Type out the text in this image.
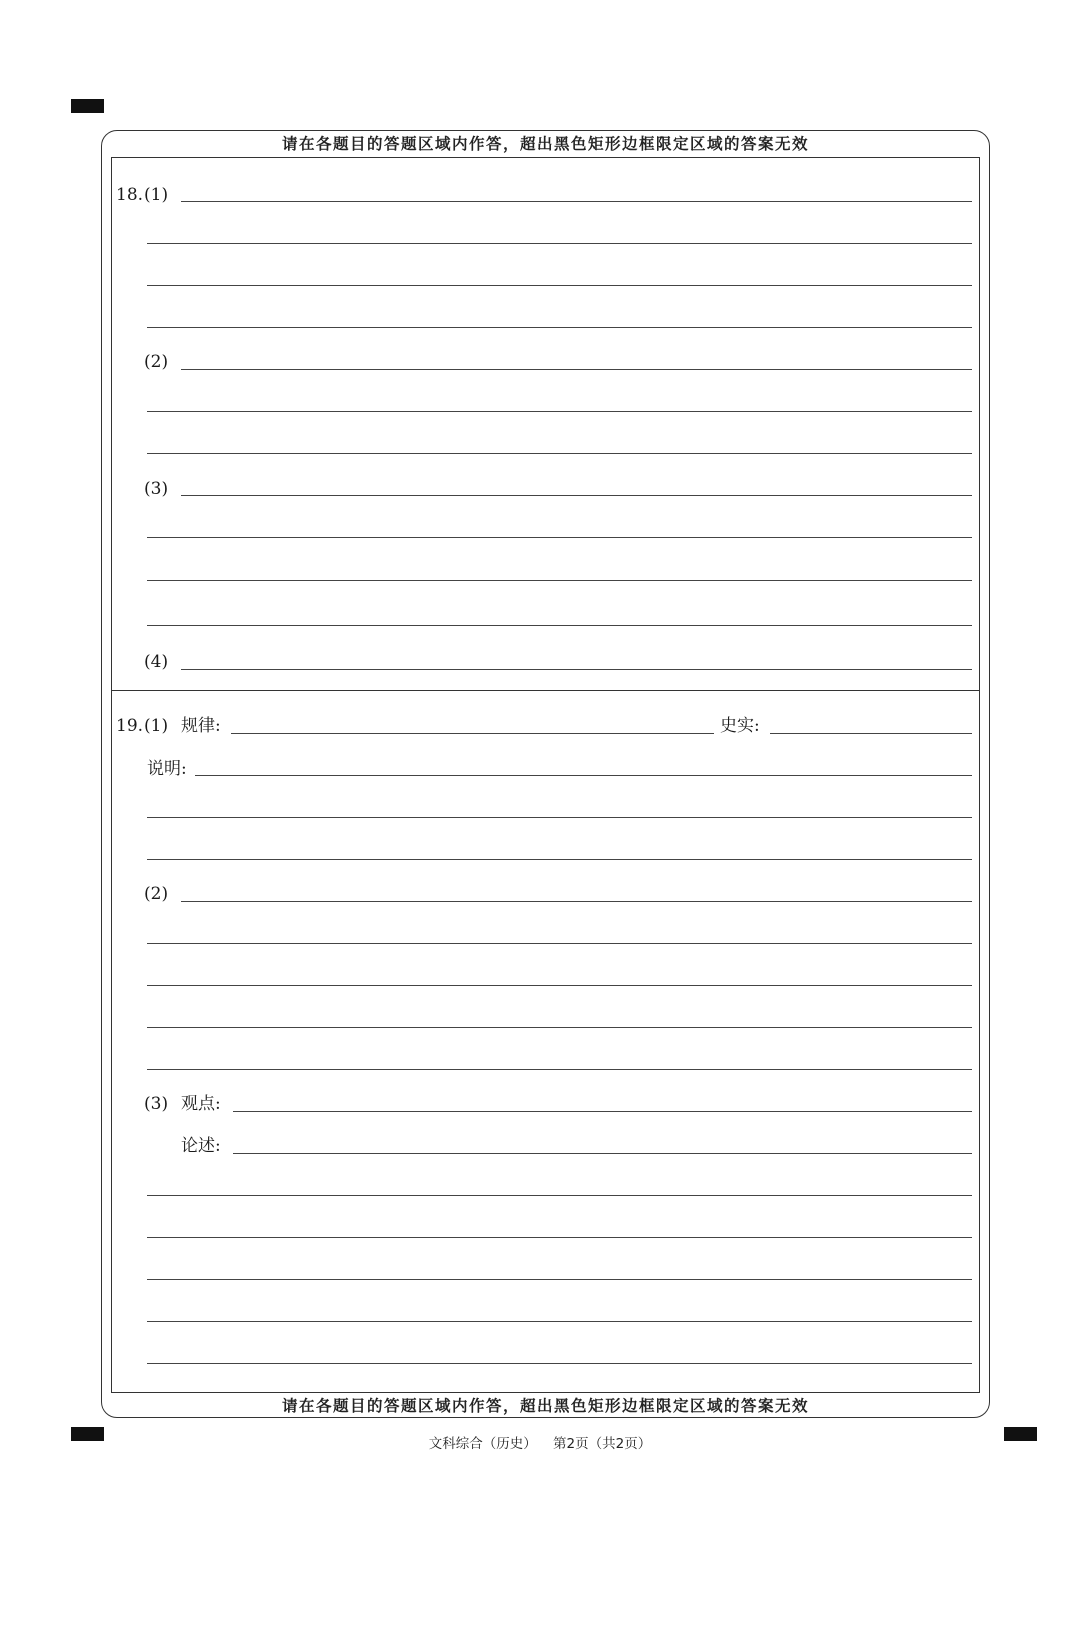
请在各题目的答题区域内作答，超出黑色矩形边框限定区域的答案无效
请在各题目的答题区域内作答，超出黑色矩形边框限定区域的答案无效
18. (1)
(2)
(3)
(4)
19. (1) 规律:	史实:
说明:
(2)
(3) 观点:
论述:
文科综合（历史） 第2页（共2页）
